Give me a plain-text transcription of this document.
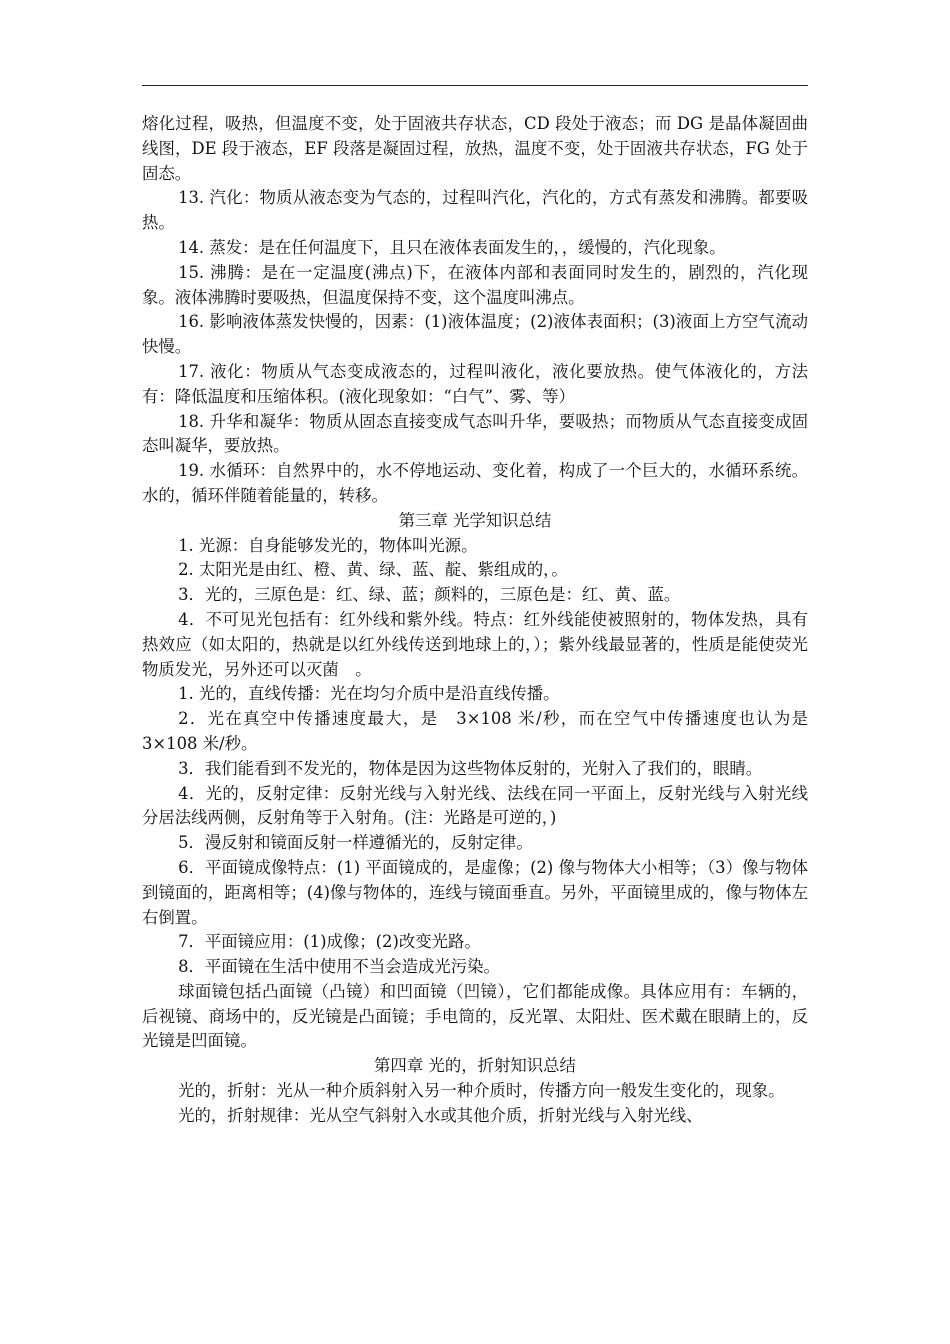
熔化过程，吸热，但温度不变，处于固液共存状态，CD 段处于液态；而 DG 是晶体凝固曲线图，DE 段于液态，EF 段落是凝固过程，放热，温度不变，处于固液共存状态，FG 处于固态。

13. 汽化：物质从液态变为气态的，过程叫汽化，汽化的，方式有蒸发和沸腾。都要吸热。

14. 蒸发：是在任何温度下，且只在液体表面发生的，，缓慢的，汽化现象。

15. 沸腾：是在一定温度(沸点)下，在液体内部和表面同时发生的，剧烈的，汽化现象。液体沸腾时要吸热，但温度保持不变，这个温度叫沸点。

16. 影响液体蒸发快慢的，因素：(1)液体温度；(2)液体表面积；(3)液面上方空气流动快慢。

17. 液化：物质从气态变成液态的，过程叫液化，液化要放热。使气体液化的，方法有：降低温度和压缩体积。(液化现象如：“白气”、雾、等）

18. 升华和凝华：物质从固态直接变成气态叫升华，要吸热；而物质从气态直接变成固态叫凝华，要放热。

19. 水循环：自然界中的，水不停地运动、变化着，构成了一个巨大的，水循环系统。水的，循环伴随着能量的，转移。

第三章 光学知识总结

1. 光源：自身能够发光的，物体叫光源。

2. 太阳光是由红、橙、黄、绿、蓝、靛、紫组成的，。

3．光的，三原色是：红、绿、蓝；颜料的，三原色是：红、黄、蓝。

4．不可见光包括有：红外线和紫外线。特点：红外线能使被照射的，物体发热，具有热效应（如太阳的，热就是以红外线传送到地球上的，）；紫外线最显著的，性质是能使荧光物质发光，另外还可以灭菌　。

1. 光的，直线传播：光在均匀介质中是沿直线传播。

2．光在真空中传播速度最大，是　3×108 米/秒，而在空气中传播速度也认为是 3×108 米/秒。

3．我们能看到不发光的，物体是因为这些物体反射的，光射入了我们的，眼睛。

4．光的，反射定律：反射光线与入射光线、法线在同一平面上，反射光线与入射光线分居法线两侧，反射角等于入射角。(注：光路是可逆的，)

5．漫反射和镜面反射一样遵循光的，反射定律。

6．平面镜成像特点：(1) 平面镜成的，是虚像；(2) 像与物体大小相等；（3）像与物体到镜面的，距离相等；(4)像与物体的，连线与镜面垂直。另外，平面镜里成的，像与物体左右倒置。

7．平面镜应用：(1)成像；(2)改变光路。

8．平面镜在生活中使用不当会造成光污染。

球面镜包括凸面镜（凸镜）和凹面镜（凹镜），它们都能成像。具体应用有：车辆的，后视镜、商场中的，反光镜是凸面镜；手电筒的，反光罩、太阳灶、医术戴在眼睛上的，反光镜是凹面镜。

第四章 光的，折射知识总结

光的，折射：光从一种介质斜射入另一种介质时，传播方向一般发生变化的，现象。

光的，折射规律：光从空气斜射入水或其他介质，折射光线与入射光线、
